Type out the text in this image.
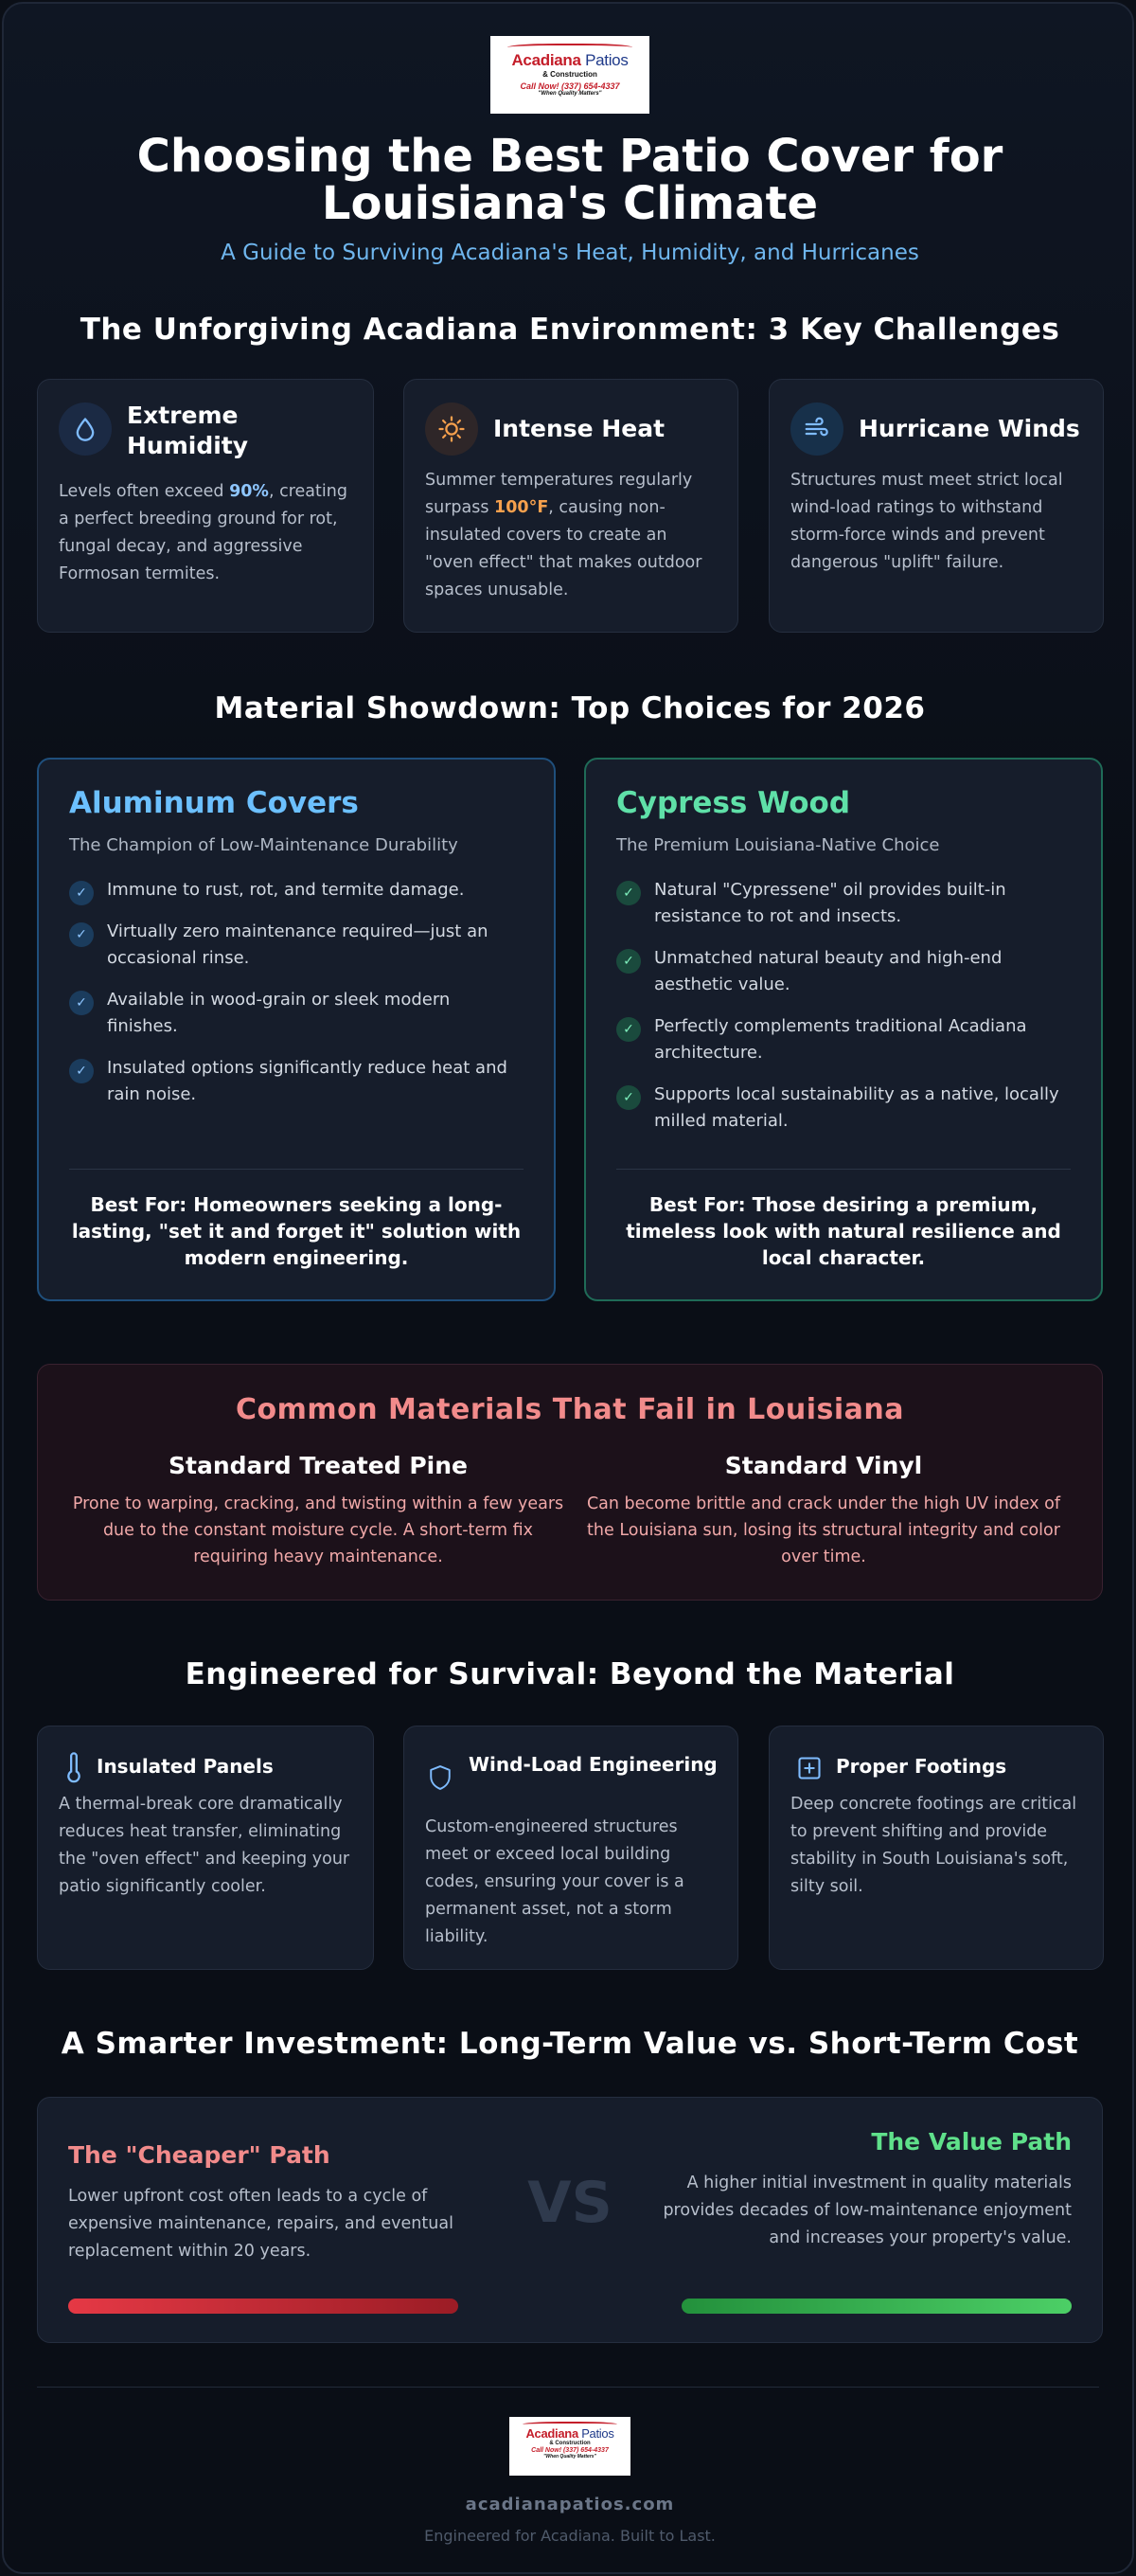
Acadiana Patios
& Construction
Call Now! (337) 654-4337
"When Quality Matters"
Choosing the Best Patio Cover for Louisiana's Climate
A Guide to Surviving Acadiana's Heat, Humidity, and Hurricanes
The Unforgiving Acadiana Environment: 3 Key Challenges
Extreme Humidity
Levels often exceed 90%, creating a perfect breeding ground for rot, fungal decay, and aggressive Formosan termites.
Intense Heat
Summer temperatures regularly surpass 100°F, causing non-insulated covers to create an "oven effect" that makes outdoor spaces unusable.
Hurricane Winds
Structures must meet strict local wind-load ratings to withstand storm-force winds and prevent dangerous "uplift" failure.
Material Showdown: Top Choices for 2026
Aluminum Covers
The Champion of Low-Maintenance Durability
✓	Immune to rust, rot, and termite damage.
✓	Virtually zero maintenance required—just an occasional rinse.
✓	Available in wood-grain or sleek modern finishes.
✓	Insulated options significantly reduce heat and rain noise.
Best For: Homeowners seeking a long-lasting, "set it and forget it" solution with modern engineering.
Cypress Wood
The Premium Louisiana-Native Choice
✓	Natural "Cypressene" oil provides built-in resistance to rot and insects.
✓	Unmatched natural beauty and high-end aesthetic value.
✓	Perfectly complements traditional Acadiana architecture.
✓	Supports local sustainability as a native, locally milled material.
Best For: Those desiring a premium, timeless look with natural resilience and local character.
Common Materials That Fail in Louisiana
Standard Treated Pine

Prone to warping, cracking, and twisting within a few years due to the constant moisture cycle. A short-term fix requiring heavy maintenance.

Standard Vinyl

Can become brittle and crack under the high UV index of the Louisiana sun, losing its structural integrity and color over time.

Engineered for Survival: Beyond the Material
Insulated Panels
A thermal-break core dramatically reduces heat transfer, eliminating the "oven effect" and keeping your patio significantly cooler.
Wind-Load Engineering
Custom-engineered structures meet or exceed local building codes, ensuring your cover is a permanent asset, not a storm liability.
Proper Footings
Deep concrete footings are critical to prevent shifting and provide stability in South Louisiana's soft, silty soil.
A Smarter Investment: Long-Term Value vs. Short-Term Cost
The "Cheaper" Path
Lower upfront cost often leads to a cycle of expensive maintenance, repairs, and eventual replacement within 20 years.
VS
The Value Path
A higher initial investment in quality materials provides decades of low-maintenance enjoyment and increases your property's value.
Acadiana Patios
& Construction
Call Now! (337) 654-4337
"When Quality Matters"
acadianapatios.com
Engineered for Acadiana. Built to Last.
